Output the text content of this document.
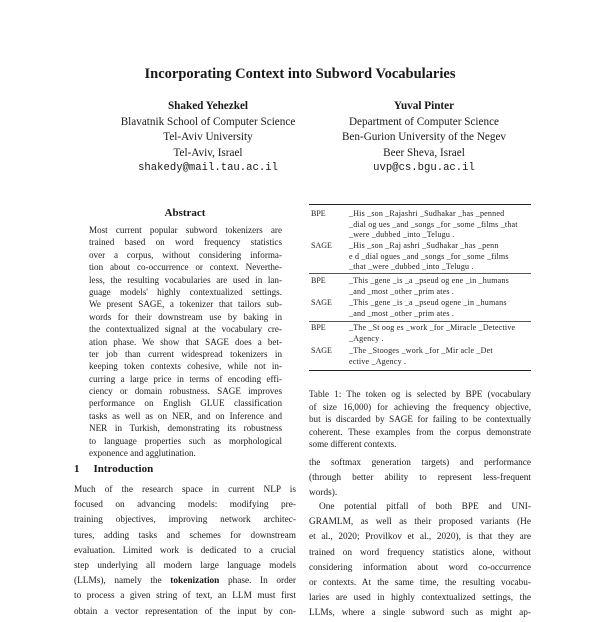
Incorporating Context into Subword Vocabularies
Shaked Yehezkel
Blavatnik School of Computer Science
Tel-Aviv University
Tel-Aviv, Israel
shakedy@mail.tau.ac.il
Yuval Pinter
Department of Computer Science
Ben-Gurion University of the Negev
Beer Sheva, Israel
uvp@cs.bgu.ac.il
Abstract
Most current popular subword tokenizers are
trained based on word frequency statistics
over a corpus, without considering informa-
tion about co-occurrence or context. Neverthe-
less, the resulting vocabularies are used in lan-
guage models' highly contextualized settings.
We present SAGE, a tokenizer that tailors sub-
words for their downstream use by baking in
the contextualized signal at the vocabulary cre-
ation phase. We show that SAGE does a bet-
ter job than current widespread tokenizers in
keeping token contexts cohesive, while not in-
curring a large price in terms of encoding effi-
ciency or domain robustness. SAGE improves
performance on English GLUE classification
tasks as well as on NER, and on Inference and
NER in Turkish, demonstrating its robustness
to language properties such as morphological
exponence and agglutination.
1 Introduction
Much of the research space in current NLP is
focused on advancing models: modifying pre-
training objectives, improving network architec-
tures, adding tasks and schemes for downstream
evaluation. Limited work is dedicated to a crucial
step underlying all modern large language models
(LLMs), namely the tokenization phase. In order
to process a given string of text, an LLM must first
obtain a vector representation of the input by con-
BPE	_His _son _Rajashri _Sudhakar _has _penned
_dial og ues _and _songs _for _some _films _that
_were _dubbed _into _Telugu .
SAGE	_His _son _Raj ashri _Sudhakar _has _penn
e d _dial ogues _and _songs _for _some _films
_that _were _dubbed _into _Telugu .
BPE	_This _gene _is _a _pseud og ene _in _humans
_and _most _other _prim ates .
SAGE	_This _gene _is _a _pseud ogene _in _humans
_and _most _other _prim ates .
BPE	_The _St oog es _work _for _Miracle _Detective
_Agency .
SAGE	_The _Stooges _work _for _Mir acle _Det
ective _Agency .
Table 1: The token og is selected by BPE (vocabulary
of size 16,000) for achieving the frequency objective,
but is discarded by SAGE for failing to be contextually
coherent. These examples from the corpus demonstrate
some different contexts.
the softmax generation targets) and performance
(through better ability to represent less-frequent
words).
One potential pitfall of both BPE and UNI-
GRAMLM, as well as their proposed variants (He
et al., 2020; Provilkov et al., 2020), is that they are
trained on word frequency statistics alone, without
considering information about word co-occurrence
or contexts. At the same time, the resulting vocabu-
laries are used in highly contextualized settings, the
LLMs, where a single subword such as might ap-
